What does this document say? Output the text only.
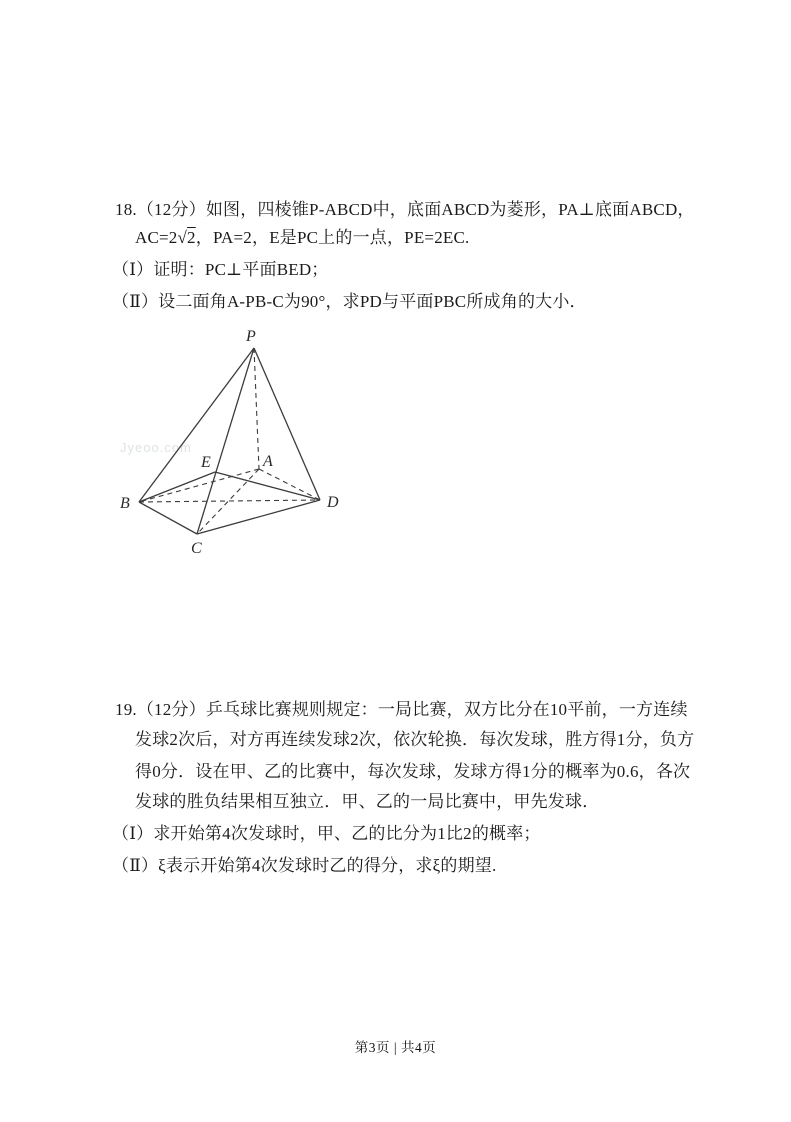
18.（12分）如图，四棱锥P-ABCD中，底面ABCD为菱形，PA⊥底面ABCD，
AC=2√2，PA=2，E是PC上的一点，PE=2EC.
（Ⅰ）证明：PC⊥平面BED；
（Ⅱ）设二面角A-PB-C为90°，求PD与平面PBC所成角的大小．
Jyeoo.com
P
B
C
D
E	A
19.（12分）乒乓球比赛规则规定：一局比赛，双方比分在10平前，一方连续
发球2次后，对方再连续发球2次，依次轮换．每次发球，胜方得1分，负方
得0分．设在甲、乙的比赛中，每次发球，发球方得1分的概率为0.6，各次
发球的胜负结果相互独立．甲、乙的一局比赛中，甲先发球．
（Ⅰ）求开始第4次发球时，甲、乙的比分为1比2的概率；
（Ⅱ）ξ表示开始第4次发球时乙的得分，求ξ的期望.
第3页 | 共4页
